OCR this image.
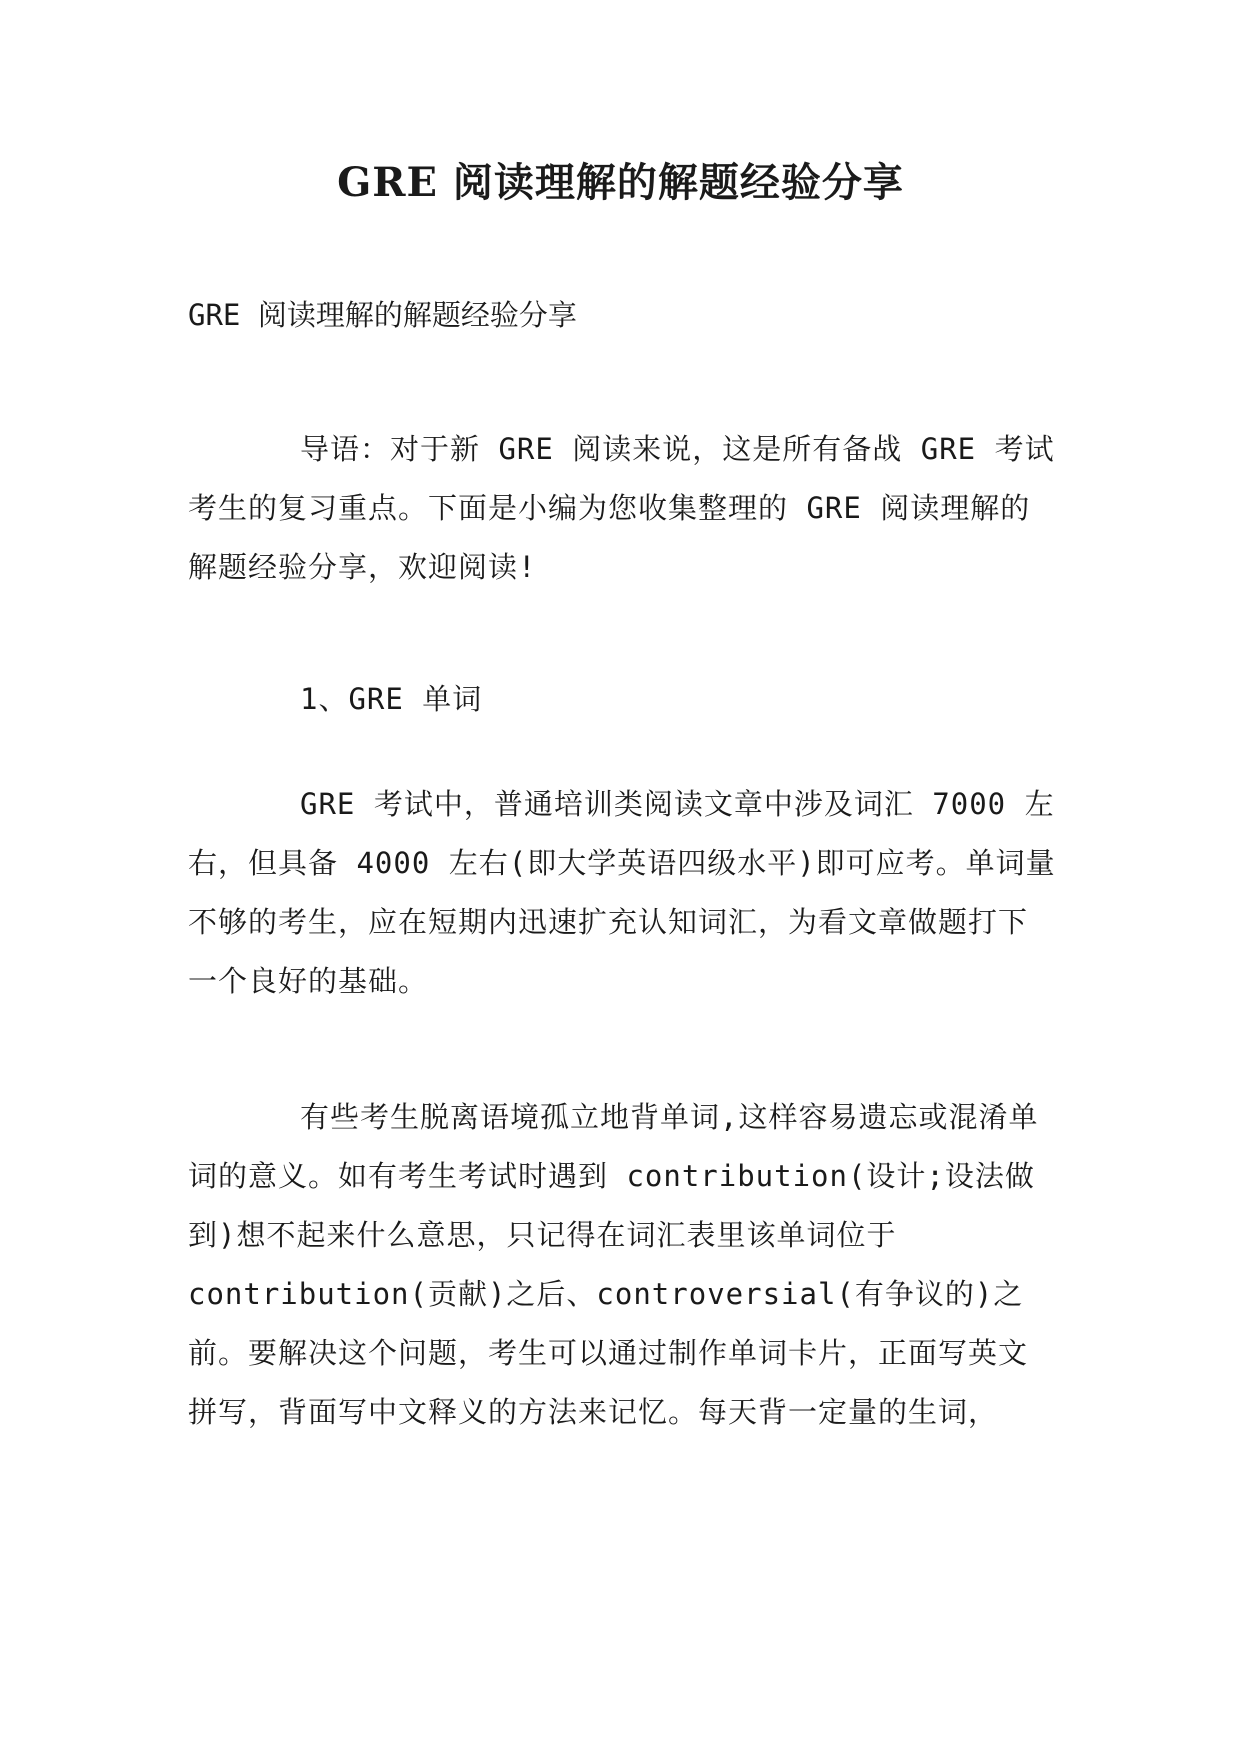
GRE 阅读理解的解题经验分享

GRE 阅读理解的解题经验分享

导语：对于新 GRE 阅读来说，这是所有备战 GRE 考试考生的复习重点。下面是小编为您收集整理的 GRE 阅读理解的解题经验分享，欢迎阅读!

1、GRE 单词

GRE 考试中，普通培训类阅读文章中涉及词汇 7000 左右，但具备 4000 左右(即大学英语四级水平)即可应考。单词量不够的考生，应在短期内迅速扩充认知词汇，为看文章做题打下一个良好的基础。

有些考生脱离语境孤立地背单词,这样容易遗忘或混淆单词的意义。如有考生考试时遇到 contribution(设计;设法做到)想不起来什么意思，只记得在词汇表里该单词位于 contribution(贡献)之后、controversial(有争议的)之前。要解决这个问题，考生可以通过制作单词卡片，正面写英文拼写，背面写中文释义的方法来记忆。每天背一定量的生词，
